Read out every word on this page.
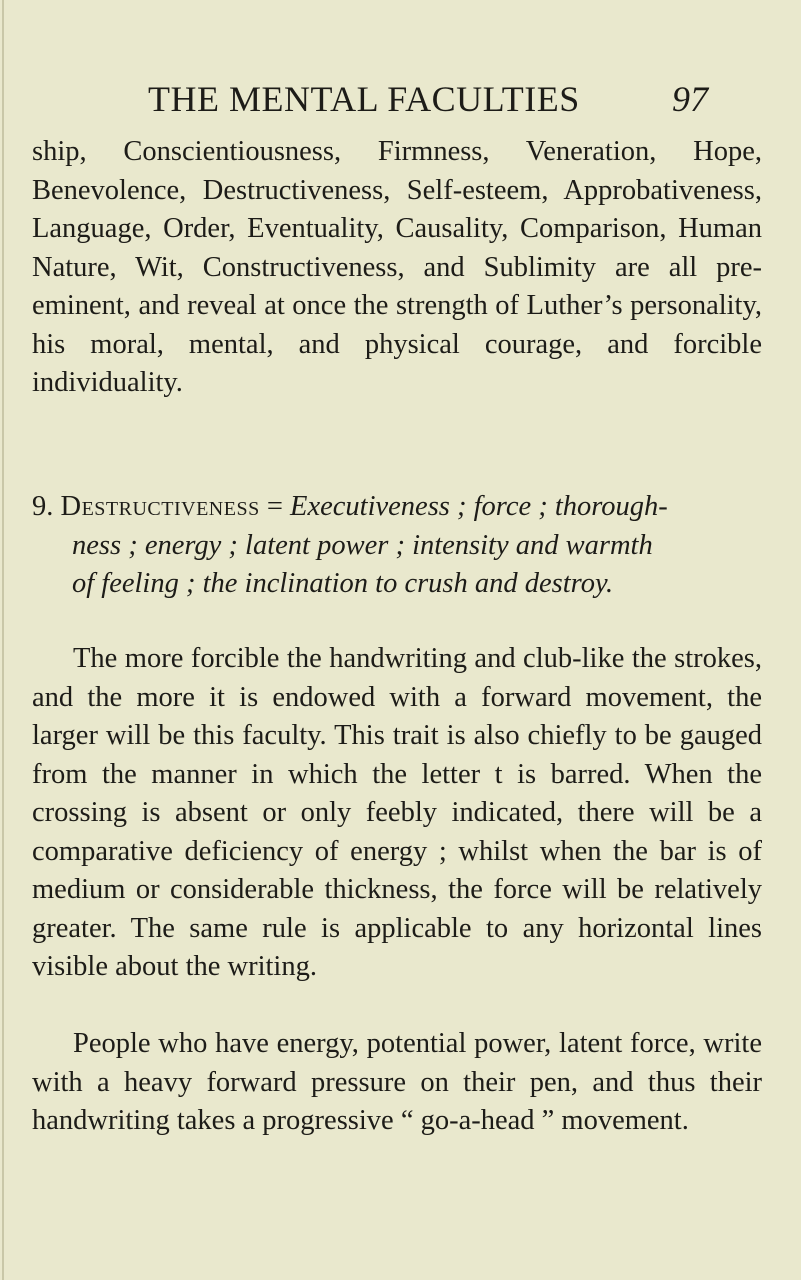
THE MENTAL FACULTIES	97

ship, Conscientiousness, Firmness, Veneration, Hope, Benevolence, Destructiveness, Self-esteem, Approbativeness, Language, Order, Eventuality, Causality, Comparison, Human Nature, Wit, Constructiveness, and Sublimity are all pre-eminent, and reveal at once the strength of Luther’s personality, his moral, mental, and physical courage, and forcible individuality.

9. Destructiveness = Executiveness ; force ; thorough-
ness ; energy ; latent power ; intensity and warmth
of feeling ; the inclination to crush and destroy.

The more forcible the handwriting and club-like the strokes, and the more it is endowed with a forward movement, the larger will be this faculty. This trait is also chiefly to be gauged from the manner in which the letter t is barred. When the crossing is absent or only feebly indicated, there will be a comparative deficiency of energy ; whilst when the bar is of medium or considerable thickness, the force will be relatively greater. The same rule is applicable to any horizontal lines visible about the writing.

People who have energy, potential power, latent force, write with a heavy forward pressure on their pen, and thus their handwriting takes a progressive “ go-a-head ” movement.
